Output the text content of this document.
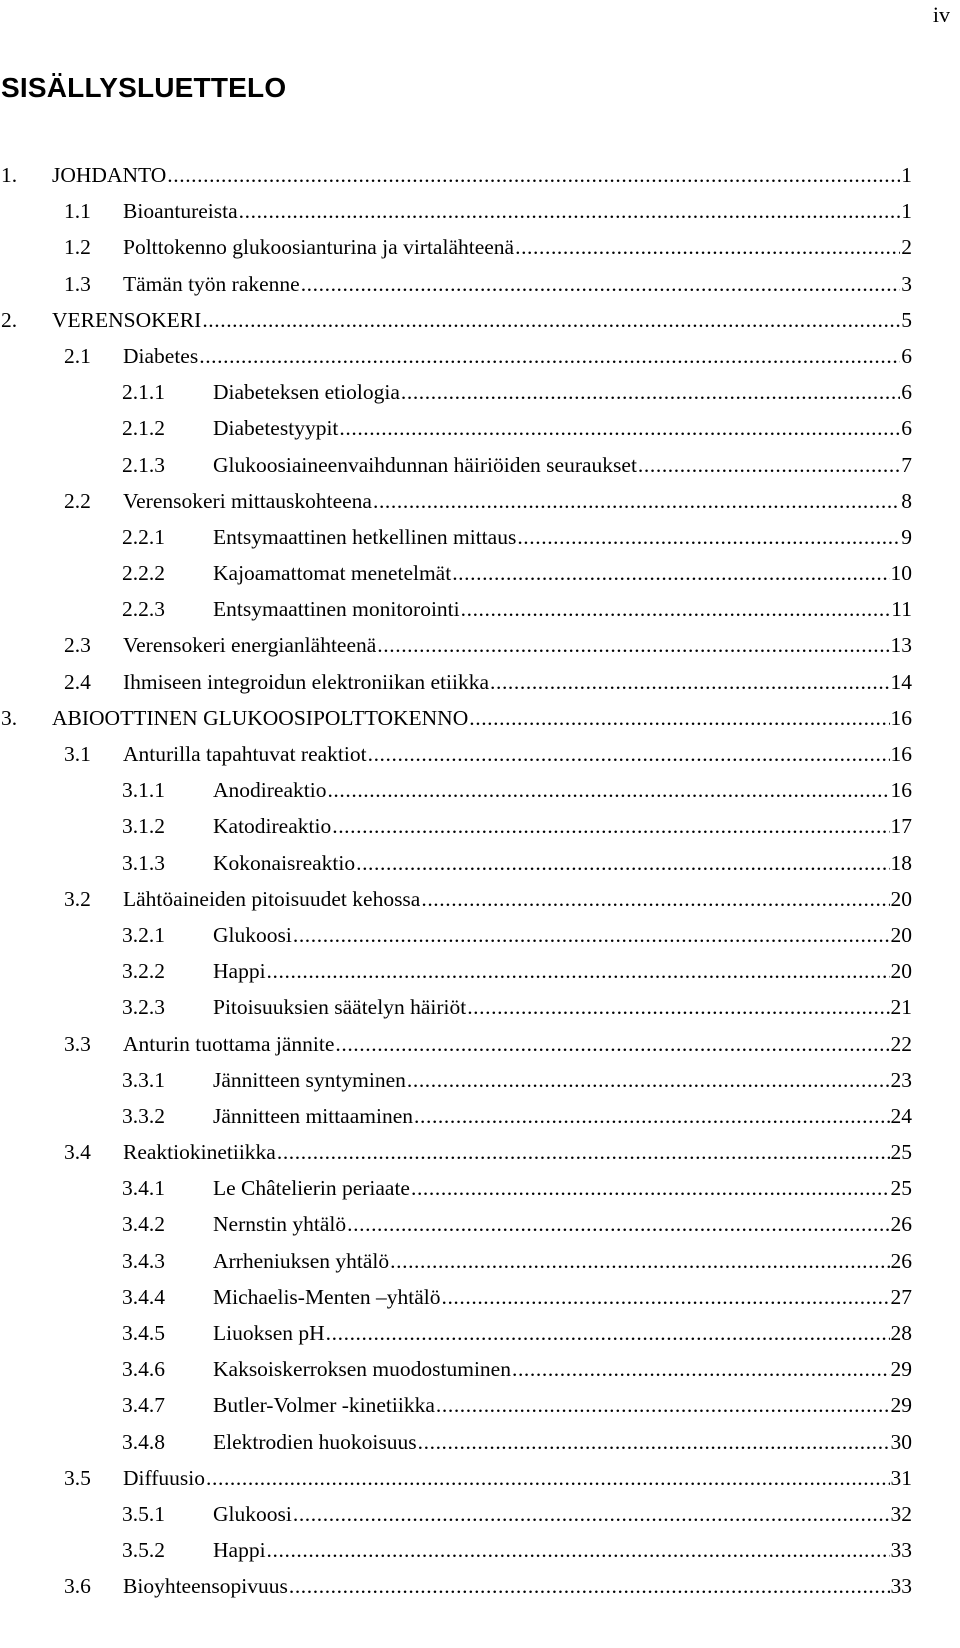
iv
SISÄLLYSLUETTELO
1. JOHDANTO .....	1
1.1 Bioantureista .....	1
1.2 Polttokenno glukoosianturina ja virtalähteenä .....	2
1.3 Tämän työn rakenne .....	3
2. VERENSOKERI .....	5
2.1 Diabetes .....	6
2.1.1 Diabeteksen etiologia .....	6
2.1.2 Diabetestyypit .....	6
2.1.3 Glukoosiaineenvaihdunnan häiriöiden seuraukset .....	7
2.2 Verensokeri mittauskohteena .....	8
2.2.1 Entsymaattinen hetkellinen mittaus .....	9
2.2.2 Kajoamattomat menetelmät .....	10
2.2.3 Entsymaattinen monitorointi .....	11
2.3 Verensokeri energianlähteenä .....	13
2.4 Ihmiseen integroidun elektroniikan etiikka .....	14
3. ABIOOTTINEN GLUKOOSIPOLTTOKENNO .....	16
3.1 Anturilla tapahtuvat reaktiot .....	16
3.1.1 Anodireaktio .....	16
3.1.2 Katodireaktio .....	17
3.1.3 Kokonaisreaktio .....	18
3.2 Lähtöaineiden pitoisuudet kehossa .....	20
3.2.1 Glukoosi .....	20
3.2.2 Happi .....	20
3.2.3 Pitoisuuksien säätelyn häiriöt .....	21
3.3 Anturin tuottama jännite .....	22
3.3.1 Jännitteen syntyminen .....	23
3.3.2 Jännitteen mittaaminen .....	24
3.4 Reaktiokinetiikka .....	25
3.4.1 Le Châtelierin periaate .....	25
3.4.2 Nernstin yhtälö .....	26
3.4.3 Arrheniuksen yhtälö .....	26
3.4.4 Michaelis-Menten –yhtälö .....	27
3.4.5 Liuoksen pH .....	28
3.4.6 Kaksoiskerroksen muodostuminen .....	29
3.4.7 Butler-Volmer -kinetiikka .....	29
3.4.8 Elektrodien huokoisuus .....	30
3.5 Diffuusio .....	31
3.5.1 Glukoosi .....	32
3.5.2 Happi .....	33
3.6 Bioyhteensopivuus .....	33
